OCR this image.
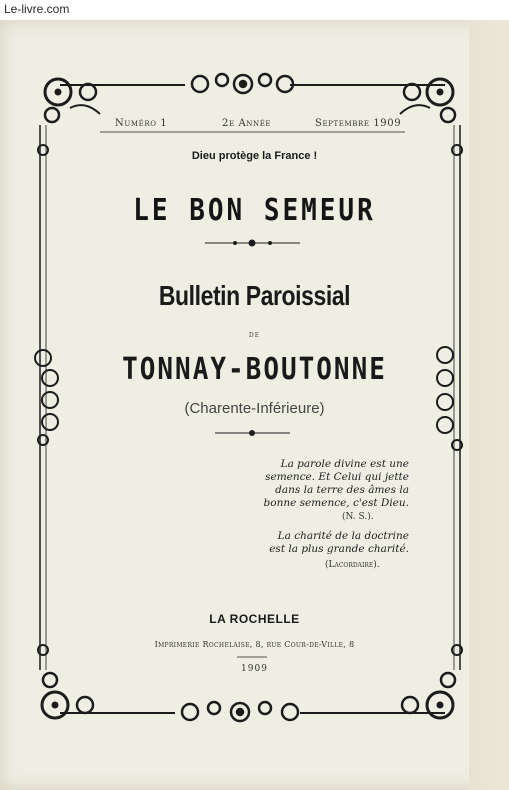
Le-livre.com
Numéro 1	2e Année	Septembre 1909
Dieu protège la France !
LE BON SEMEUR
Bulletin Paroissial
DE
TONNAY-BOUTONNE
(Charente-Inférieure)
La parole divine est une
semence. Et Celui qui jette
dans la terre des âmes la
bonne semence, c'est Dieu.
(N. S.).
La charité de la doctrine
est la plus grande charité.
(Lacordaire).
LA ROCHELLE
Imprimerie Rochelaise, 8, rue Cour-de-Ville, 8
1909
